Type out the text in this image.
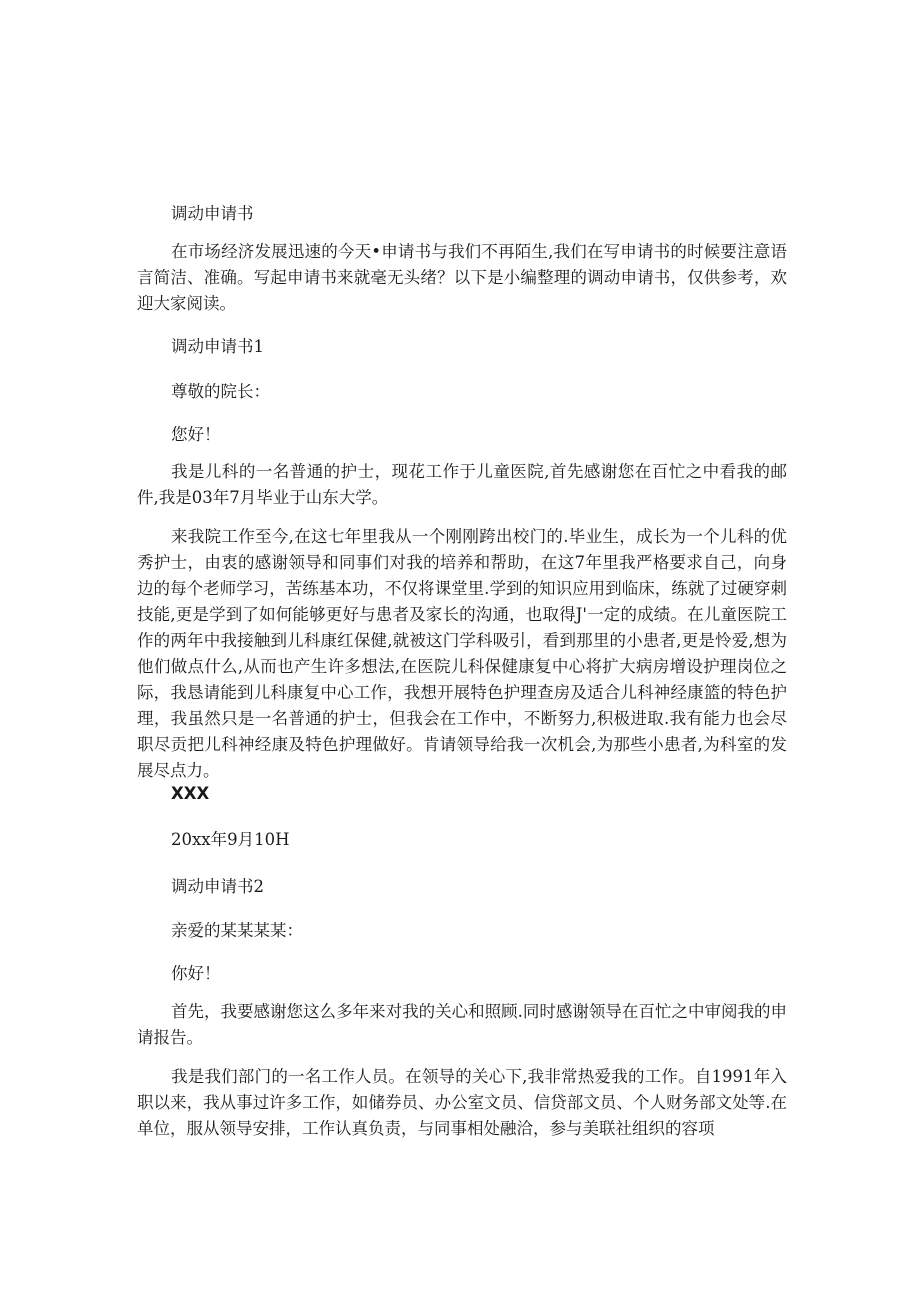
调动申请书
在市场经济发展迅速的今天•申请书与我们不再陌生,我们在写申请书的时候要注意语言简洁、准确。写起申请书来就毫无头绪？以下是小编整理的调动申请书，仅供参考，欢迎大家阅读。
调动申请书1
尊敬的院长：
您好！
我是儿科的一名普通的护士，现花工作于儿童医院,首先感谢您在百忙之中看我的邮件,我是03年7月毕业于山东大学。
来我院工作至今,在这七年里我从一个刚刚跨出校门的.毕业生，成长为一个儿科的优秀护士，由衷的感谢领导和同事们对我的培养和帮助，在这7年里我严格要求自己，向身边的每个老师学习，苦练基本功，不仅将课堂里.学到的知识应用到临床，练就了过硬穿刺技能,更是学到了如何能够更好与患者及家长的沟通，也取得J'一定的成绩。在儿童医院工作的两年中我接触到儿科康红保健,就被这门学科吸引，看到那里的小患者,更是怜爱,想为他们做点什么,从而也产生许多想法,在医院儿科保健康复中心将扩大病房增设护理岗位之际，我恳请能到儿科康复中心工作，我想开展特色护理查房及适合儿科神经康篮的特色护理，我虽然只是一名普通的护士，但我会在工作中，不断努力,积极进取.我有能力也会尽职尽贡把儿科神经康及特色护理做好。肯请领导给我一次机会,为那些小患者,为科室的发展尽点力。
XXX
20xx年9月10H
调动申请书2
亲爱的某某某某：
你好！
首先，我要感谢您这么多年来对我的关心和照顾.同时感谢领导在百忙之中审阅我的申请报告。
我是我们部门的一名工作人员。在领导的关心下,我非常热爱我的工作。自1991年入职以来，我从事过许多工作，如储券员、办公室文员、信贷部文员、个人财务部文处等.在单位，服从领导安排，工作认真负责，与同事相处融洽，参与美联社组织的容项
